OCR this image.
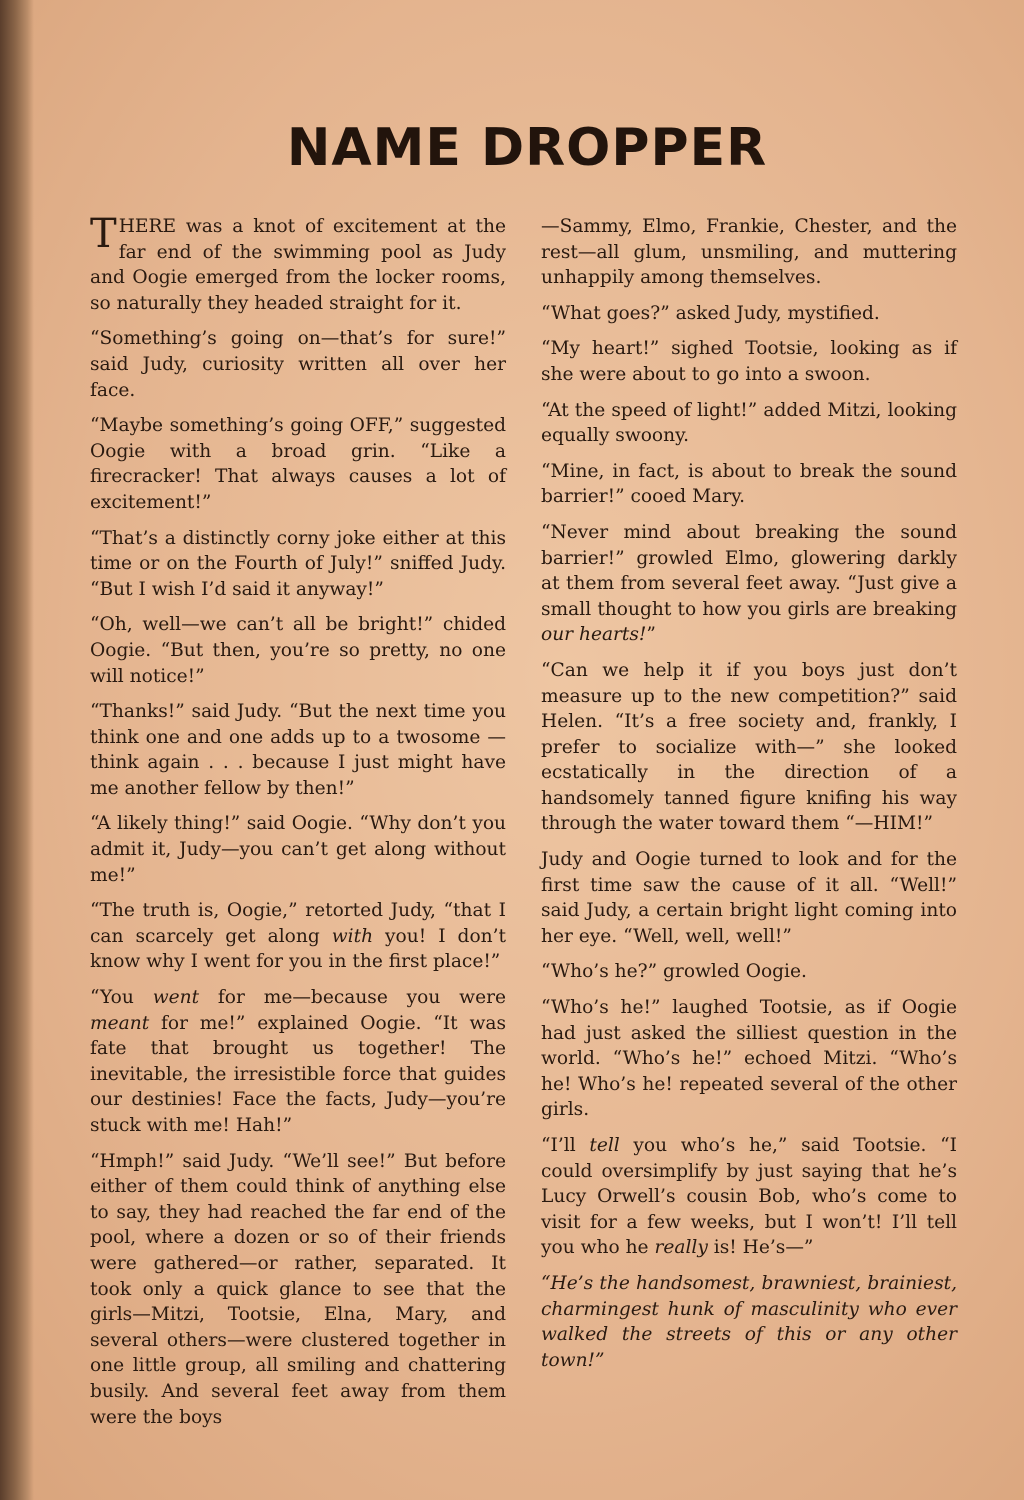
NAME DROPPER

THERE was a knot of excitement at the far end of the swimming pool as Judy and Oogie emerged from the locker rooms, so naturally they headed straight for it.

“Something’s going on—that’s for sure!” said Judy, curiosity written all over her face.

“Maybe something’s going OFF,” suggested Oogie with a broad grin. “Like a firecracker! That always causes a lot of excitement!”

“That’s a distinctly corny joke either at this time or on the Fourth of July!” sniffed Judy. “But I wish I’d said it anyway!”

“Oh, well—we can’t all be bright!” chided Oogie. “But then, you’re so pretty, no one will notice!”

“Thanks!” said Judy. “But the next time you think one and one adds up to a twosome —think again . . . because I just might have me another fellow by then!”

“A likely thing!” said Oogie. “Why don’t you admit it, Judy—you can’t get along without me!”

“The truth is, Oogie,” retorted Judy, “that I can scarcely get along with you! I don’t know why I went for you in the first place!”

“You went for me—because you were meant for me!” explained Oogie. “It was fate that brought us together! The inevitable, the irresistible force that guides our destinies! Face the facts, Judy—you’re stuck with me! Hah!”

“Hmph!” said Judy. “We’ll see!” But before either of them could think of anything else to say, they had reached the far end of the pool, where a dozen or so of their friends were gathered—or rather, separated. It took only a quick glance to see that the girls—Mitzi, Tootsie, Elna, Mary, and several others—were clustered together in one little group, all smiling and chattering busily. And several feet away from them were the boys

—Sammy, Elmo, Frankie, Chester, and the rest—all glum, unsmiling, and muttering unhappily among themselves.

“What goes?” asked Judy, mystified.

“My heart!” sighed Tootsie, looking as if she were about to go into a swoon.

“At the speed of light!” added Mitzi, looking equally swoony.

“Mine, in fact, is about to break the sound barrier!” cooed Mary.

“Never mind about breaking the sound barrier!” growled Elmo, glowering darkly at them from several feet away. “Just give a small thought to how you girls are breaking our hearts!”

“Can we help it if you boys just don’t measure up to the new competition?” said Helen. “It’s a free society and, frankly, I prefer to socialize with—” she looked ecstatically in the direction of a handsomely tanned figure knifing his way through the water toward them “—HIM!”

Judy and Oogie turned to look and for the first time saw the cause of it all. “Well!” said Judy, a certain bright light coming into her eye. “Well, well, well!”

“Who’s he?” growled Oogie.

“Who’s he!” laughed Tootsie, as if Oogie had just asked the silliest question in the world. “Who’s he!” echoed Mitzi. “Who’s he! Who’s he! repeated several of the other girls.

“I’ll tell you who’s he,” said Tootsie. “I could oversimplify by just saying that he’s Lucy Orwell’s cousin Bob, who’s come to visit for a few weeks, but I won’t! I’ll tell you who he really is! He’s—”

“He’s the handsomest, brawniest, brainiest, charmingest hunk of masculinity who ever walked the streets of this or any other town!”
